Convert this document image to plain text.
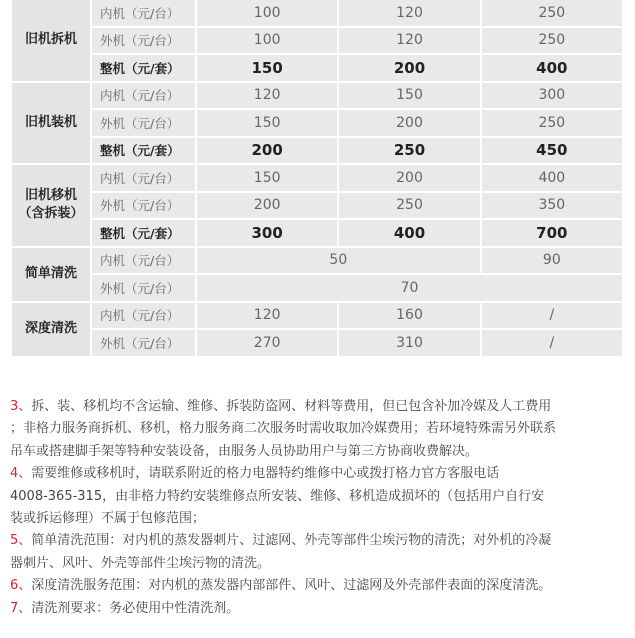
旧机拆机	内机（元/台）	100	120	250
	外机（元/台）	100	120	250
	整机（元/套）	150	200	400

旧机装机	内机（元/台）	120	150	300
	外机（元/台）	150	200	250
	整机（元/套）	200	250	450

旧机移机
（含拆装）	内机（元/台）	150	200	400
	外机（元/台）	200	250	350
	整机（元/套）	300	400	700

简单清洗	内机（元/台）	50		90
	外机（元/台）	70		

深度清洗	内机（元/台）	120	160	/
	外机（元/台）	270	310	/

3、拆、装、移机均不含运输、维修、拆装防盗网、材料等费用，但已包含补加冷媒及人工费用

；非格力服务商拆机、移机，格力服务商二次服务时需收取加冷媒费用；若环境特殊需另外联系

吊车或搭建脚手架等特种安装设备，由服务人员协助用户与第三方协商收费解决。

4、需要维修或移机时，请联系附近的格力电器特约维修中心或拨打格力官方客服电话

4008-365-315，由非格力特约安装维修点所安装、维修、移机造成损坏的（包括用户自行安

装或拆运修理）不属于包修范围；

5、简单清洗范围：对内机的蒸发器刺片、过滤网、外壳等部件尘埃污物的清洗；对外机的冷凝

器刺片、风叶、外壳等部件尘埃污物的清洗。

6、深度清洗服务范围：对内机的蒸发器内部部件、风叶、过滤网及外壳部件表面的深度清洗。

7、清洗剂要求：务必使用中性清洗剂。
